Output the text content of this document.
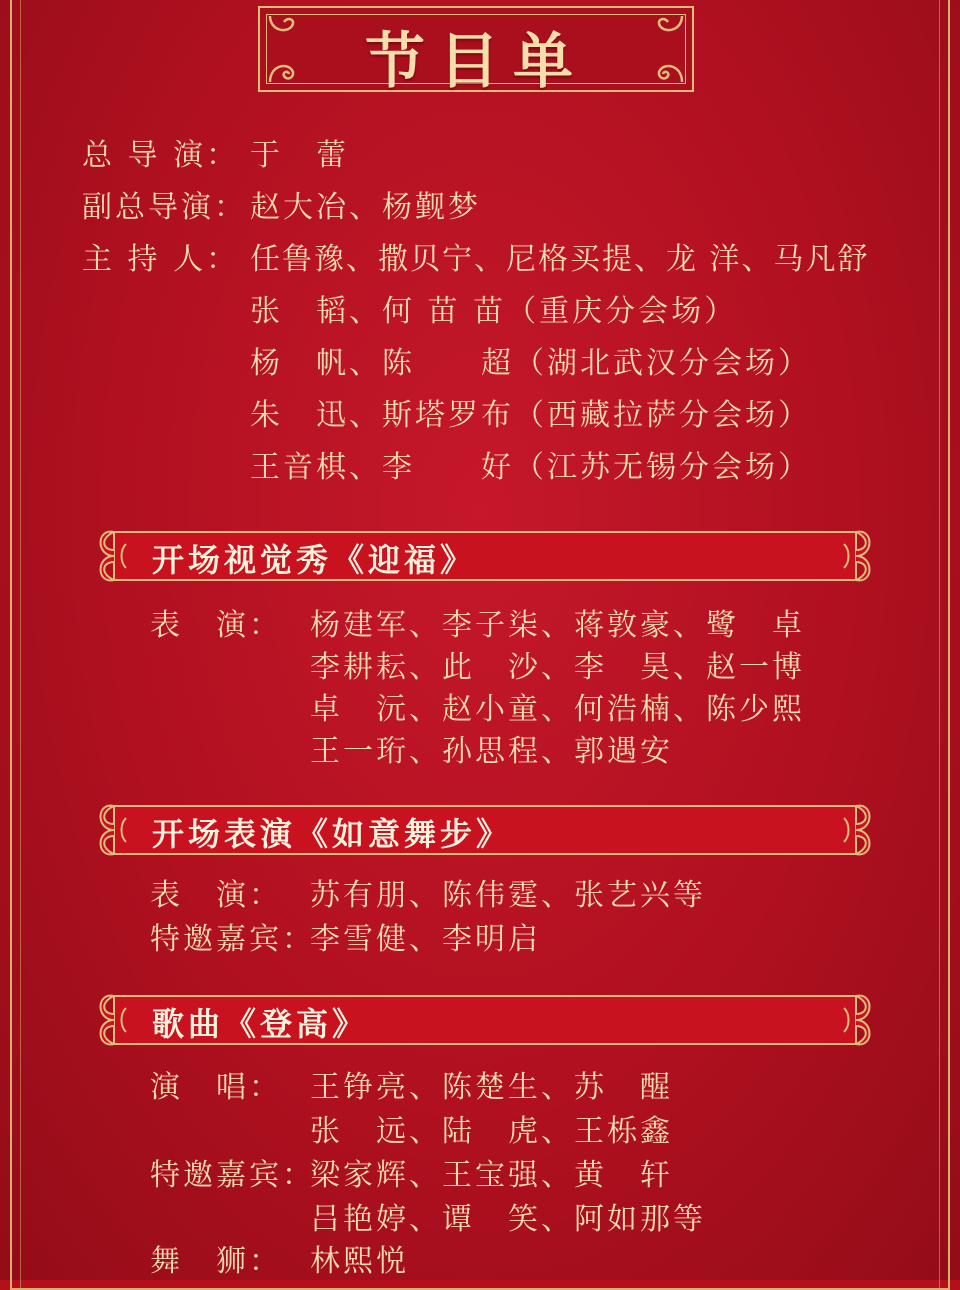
节目单
总 导 演： 于　蕾
副总导演： 赵大冶、杨觐梦
主 持 人： 任鲁豫、撒贝宁、尼格买提、龙 洋、马凡舒
张　韬、何 苗 苗（重庆分会场）
杨　帆、陈　　超（湖北武汉分会场）
朱　迅、斯塔罗布（西藏拉萨分会场）
王音棋、李　　好（江苏无锡分会场）
开场视觉秀《迎福》
表　演： 杨建军、李子柒、蒋敦豪、鹭　卓
李耕耘、此　沙、李　昊、赵一博
卓　沅、赵小童、何浩楠、陈少熙
王一珩、孙思程、郭遇安
开场表演《如意舞步》
表　演： 苏有朋、陈伟霆、张艺兴等
特邀嘉宾：
李雪健、李明启
歌曲《登高》
演　唱： 王铮亮、陈楚生、苏　醒
张　远、陆　虎、王栎鑫
特邀嘉宾：
梁家辉、王宝强、黄　轩
吕艳婷、谭　笑、阿如那等
舞　狮： 林熙悦
